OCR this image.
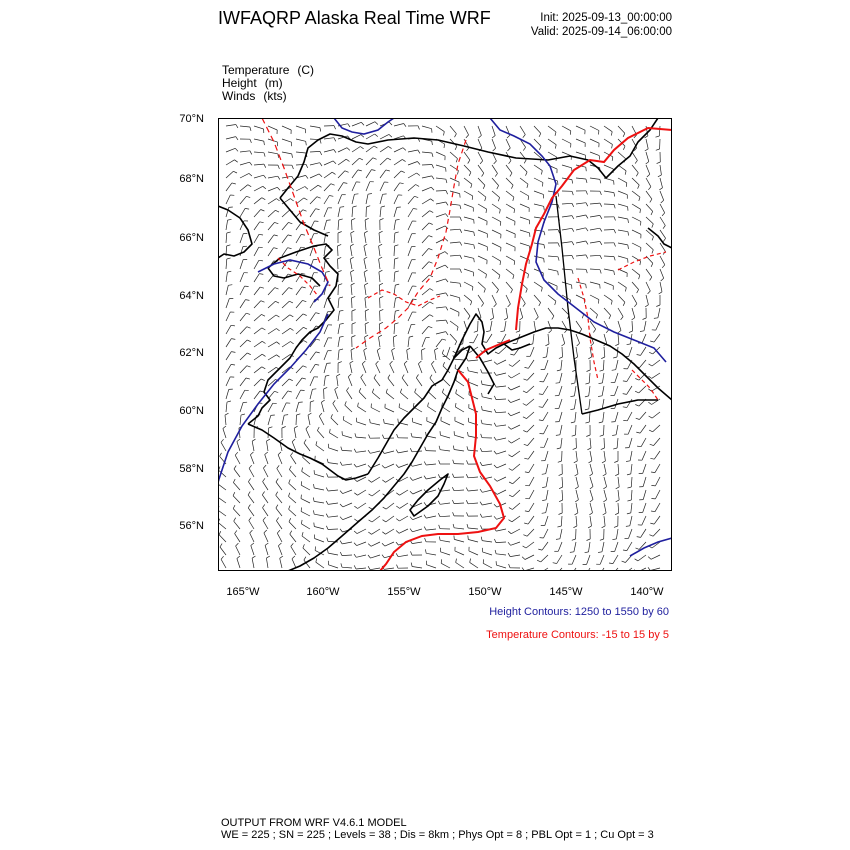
IWFAQRP Alaska Real Time WRF	Init: 2025-09-13_00:00:00
Valid: 2025-09-14_06:00:00
Temperature (C)
Height (m)
Winds (kts)
70°N
68°N
66°N
64°N
62°N
60°N
58°N
56°N
165°W	160°W	155°W	150°W	145°W	140°W
Height Contours: 1250 to 1550 by 60
Temperature Contours: -15 to 15 by 5
OUTPUT FROM WRF V4.6.1 MODEL
WE = 225 ; SN = 225 ; Levels = 38 ; Dis = 8km ; Phys Opt = 8 ; PBL Opt = 1 ; Cu Opt = 3
